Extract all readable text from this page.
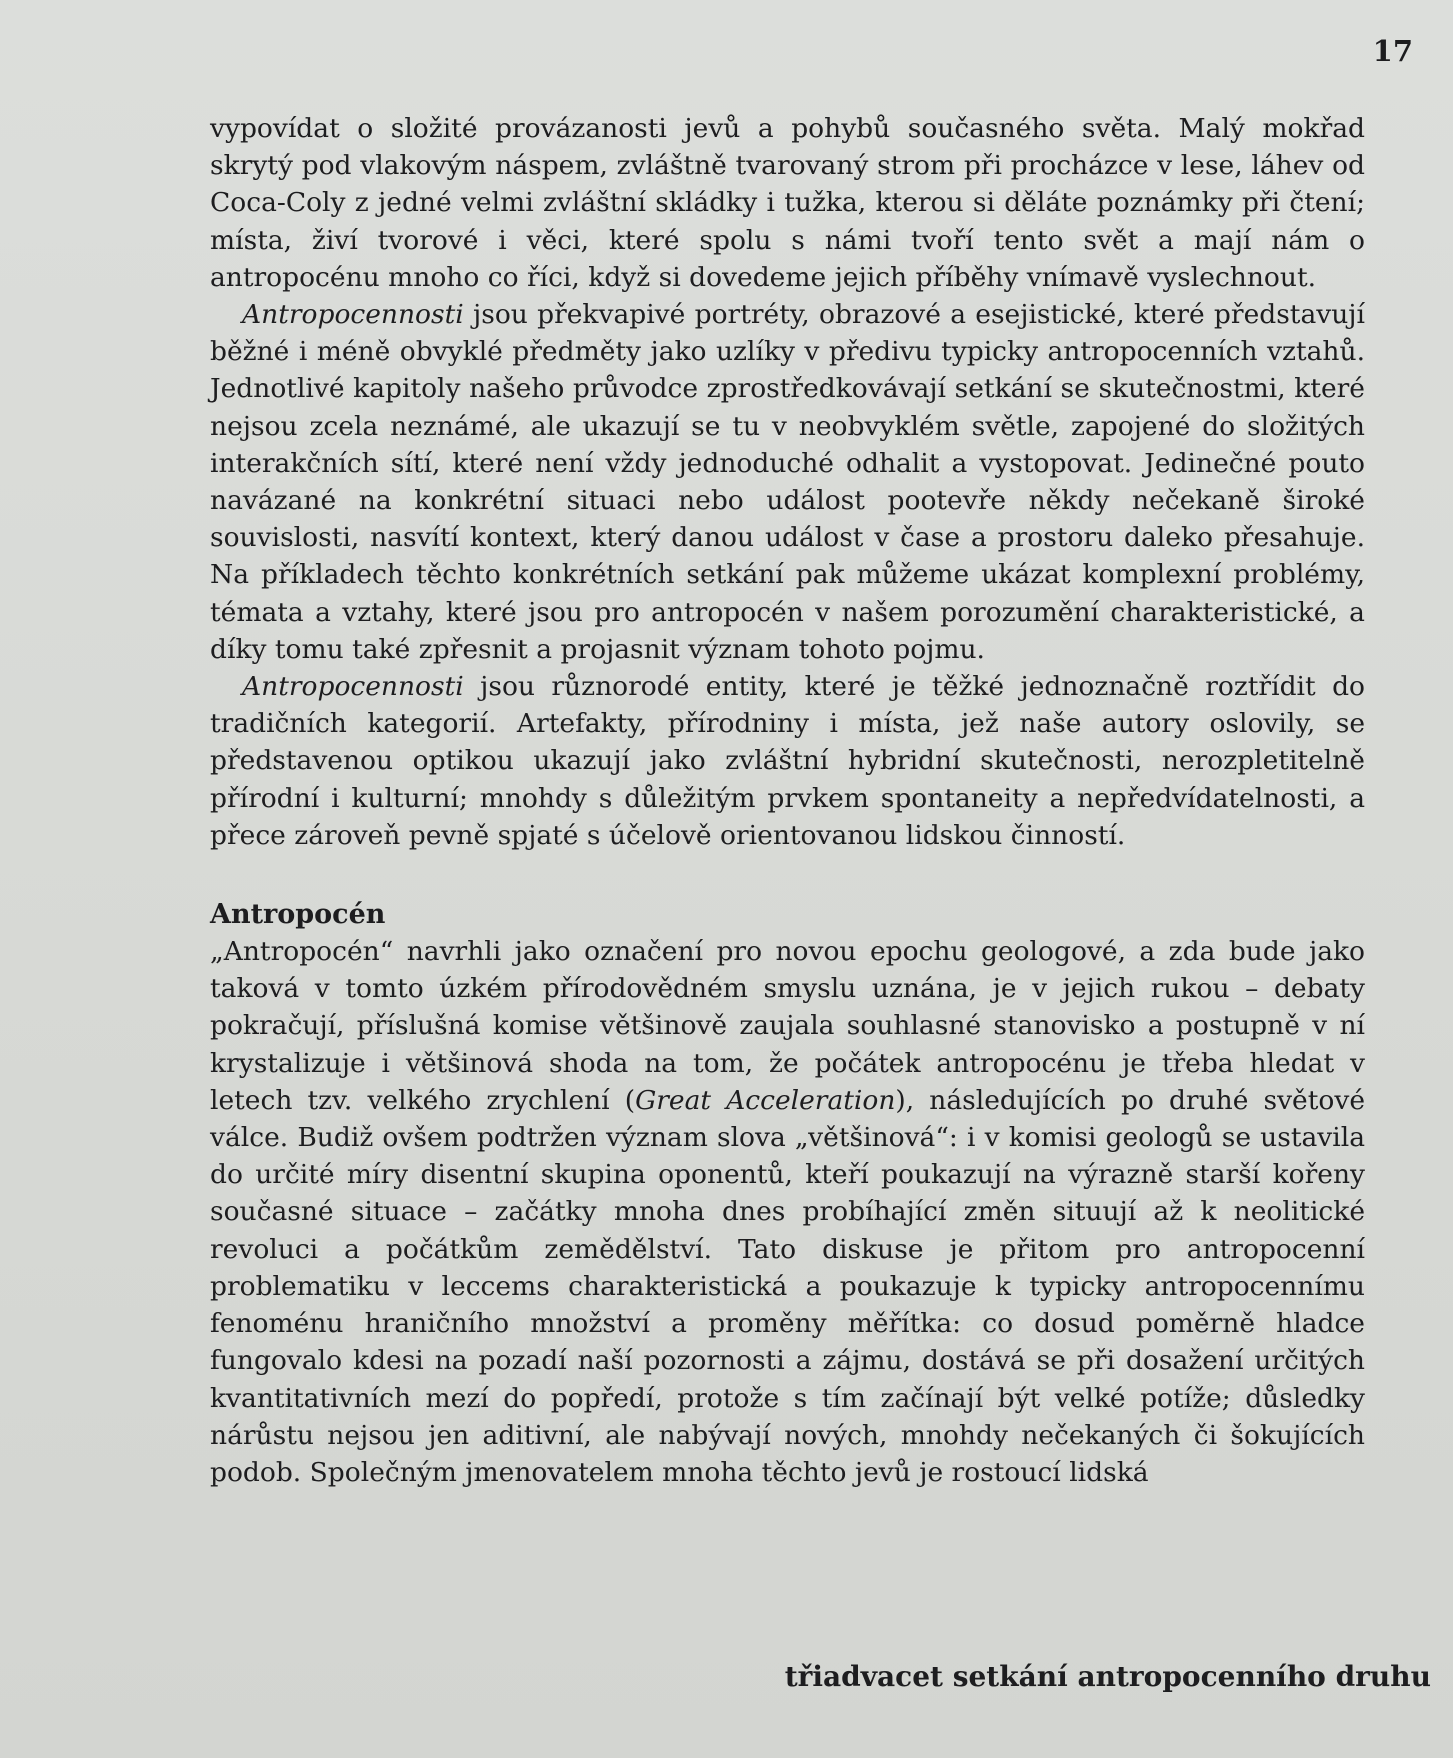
17

vypovídat o složité provázanosti jevů a pohybů současného světa. Malý mokřad skrytý pod vlakovým náspem, zvláštně tvarovaný strom při procházce v lese, láhev od Coca-Coly z jedné velmi zvláštní skládky i tužka, kterou si děláte poznámky při čtení; místa, živí tvorové i věci, které spolu s námi tvoří tento svět a mají nám o antropocénu mnoho co říci, když si dovedeme jejich příběhy vnímavě vyslechnout.

Antropocennosti jsou překvapivé portréty, obrazové a esejistické, které představují běžné i méně obvyklé předměty jako uzlíky v předivu typicky antropocenních vztahů. Jednotlivé kapitoly našeho průvodce zprostředkovávají setkání se skutečnostmi, které nejsou zcela neznámé, ale ukazují se tu v neobvyklém světle, zapojené do složitých interakčních sítí, které není vždy jednoduché odhalit a vystopovat. Jedinečné pouto navázané na konkrétní situaci nebo událost pootevře někdy nečekaně široké souvislosti, nasvítí kontext, který danou událost v čase a prostoru daleko přesahuje. Na příkladech těchto konkrétních setkání pak můžeme ukázat komplexní problémy, témata a vztahy, které jsou pro antropocén v našem porozumění charakteristické, a díky tomu také zpřesnit a projasnit význam tohoto pojmu.

Antropocennosti jsou různorodé entity, které je těžké jednoznačně roztřídit do tradičních kategorií. Artefakty, přírodniny i místa, jež naše autory oslovily, se představenou optikou ukazují jako zvláštní hybridní skutečnosti, nerozpletitelně přírodní i kulturní; mnohdy s důležitým prvkem spontaneity a nepředvídatelnosti, a přece zároveň pevně spjaté s účelově orientovanou lidskou činností.

Antropocén

„Antropocén“ navrhli jako označení pro novou epochu geologové, a zda bude jako taková v tomto úzkém přírodovědném smyslu uznána, je v jejich rukou – debaty pokračují, příslušná komise většinově zaujala souhlasné stanovisko a postupně v ní krystalizuje i většinová shoda na tom, že počátek antropocénu je třeba hledat v letech tzv. velkého zrychlení (Great Acceleration), následujících po druhé světové válce. Budiž ovšem podtržen význam slova „většinová“: i v komisi geologů se ustavila do určité míry disentní skupina oponentů, kteří poukazují na výrazně starší kořeny současné situace – začátky mnoha dnes probíhající změn situují až k neolitické revoluci a počátkům zemědělství. Tato diskuse je přitom pro antropocenní problematiku v leccems charakteristická a poukazuje k typicky antropocennímu fenoménu hraničního množství a proměny měřítka: co dosud poměrně hladce fungovalo kdesi na pozadí naší pozornosti a zájmu, dostává se při dosažení určitých kvantitativních mezí do popředí, protože s tím začínají být velké potíže; důsledky nárůstu nejsou jen aditivní, ale nabývají nových, mnohdy nečekaných či šokujících podob. Společným jmenovatelem mnoha těchto jevů je rostoucí lidská

třiadvacet setkání antropocenního druhu
